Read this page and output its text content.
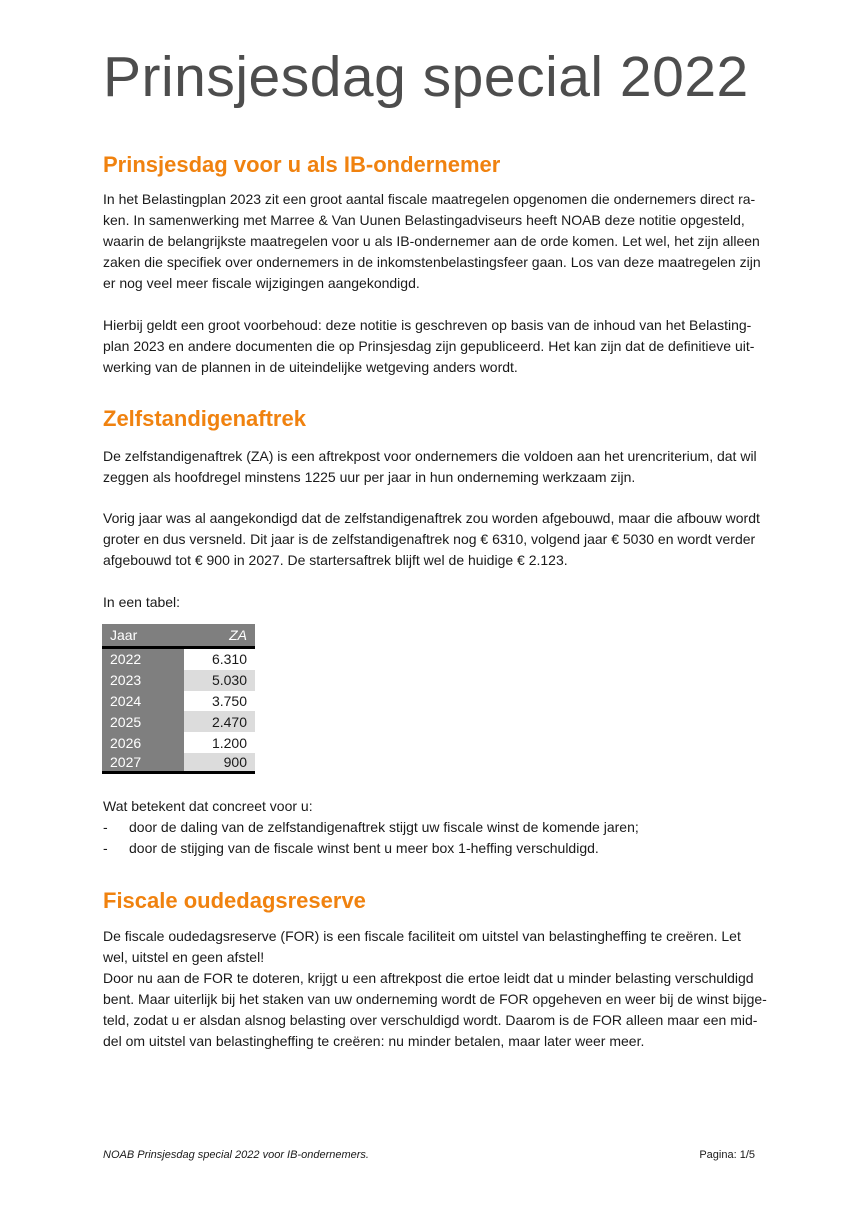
Prinsjesdag special 2022
Prinsjesdag voor u als IB-ondernemer
In het Belastingplan 2023 zit een groot aantal fiscale maatregelen opgenomen die ondernemers direct ra-
ken. In samenwerking met Marree & Van Uunen Belastingadviseurs heeft NOAB deze notitie opgesteld,
waarin de belangrijkste maatregelen voor u als IB-ondernemer aan de orde komen. Let wel, het zijn alleen
zaken die specifiek over ondernemers in de inkomstenbelastingsfeer gaan. Los van deze maatregelen zijn
er nog veel meer fiscale wijzigingen aangekondigd.
Hierbij geldt een groot voorbehoud: deze notitie is geschreven op basis van de inhoud van het Belasting-
plan 2023 en andere documenten die op Prinsjesdag zijn gepubliceerd. Het kan zijn dat de definitieve uit-
werking van de plannen in de uiteindelijke wetgeving anders wordt.
Zelfstandigenaftrek
De zelfstandigenaftrek (ZA) is een aftrekpost voor ondernemers die voldoen aan het urencriterium, dat wil
zeggen als hoofdregel minstens 1225 uur per jaar in hun onderneming werkzaam zijn.
Vorig jaar was al aangekondigd dat de zelfstandigenaftrek zou worden afgebouwd, maar die afbouw wordt
groter en dus versneld. Dit jaar is de zelfstandigenaftrek nog € 6310, volgend jaar € 5030 en wordt verder
afgebouwd tot € 900 in 2027. De startersaftrek blijft wel de huidige € 2.123.
In een tabel:
Jaar	ZA
2022	6.310
2023	5.030
2024	3.750
2025	2.470
2026	1.200
2027	900
Wat betekent dat concreet voor u:
- door de daling van de zelfstandigenaftrek stijgt uw fiscale winst de komende jaren;
- door de stijging van de fiscale winst bent u meer box 1-heffing verschuldigd.
Fiscale oudedagsreserve
De fiscale oudedagsreserve (FOR) is een fiscale faciliteit om uitstel van belastingheffing te creëren. Let
wel, uitstel en geen afstel!
Door nu aan de FOR te doteren, krijgt u een aftrekpost die ertoe leidt dat u minder belasting verschuldigd
bent. Maar uiterlijk bij het staken van uw onderneming wordt de FOR opgeheven en weer bij de winst bijge-
teld, zodat u er alsdan alsnog belasting over verschuldigd wordt. Daarom is de FOR alleen maar een mid-
del om uitstel van belastingheffing te creëren: nu minder betalen, maar later weer meer.
NOAB Prinsjesdag special 2022 voor IB-ondernemers.	Pagina: 1/5
